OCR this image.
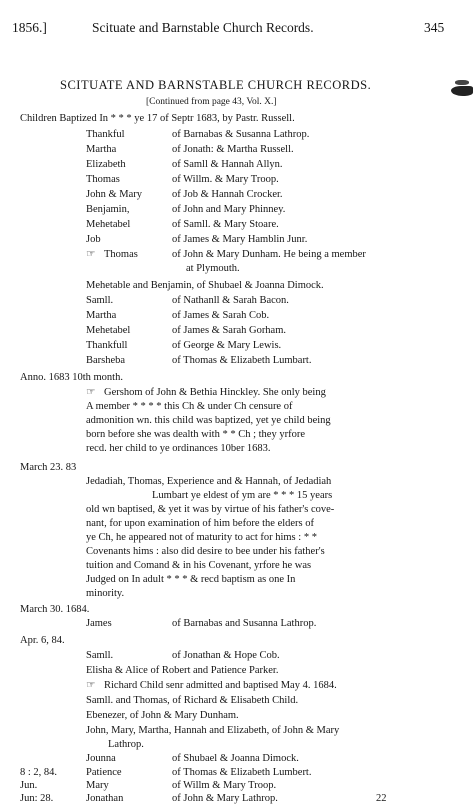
1856.]	Scituate and Barnstable Church Records.	345
SCITUATE AND BARNSTABLE CHURCH RECORDS.
[Continued from page 43, Vol. X.]
Children Baptized In * * * ye 17 of Septr 1683, by Pastr. Russell.
Thankful	of Barnabas & Susanna Lathrop.
Martha	of Jonath: & Martha Russell.
Elizabeth	of Samll & Hannah Allyn.
Thomas	of Willm. & Mary Troop.
John & Mary	of Job & Hannah Crocker.
Benjamin,	of John and Mary Phinney.
Mehetabel	of Samll. & Mary Stoare.
Job	of James & Mary Hamblin Junr.
☞ Thomas	of John & Mary Dunham. He being a member
at Plymouth.
Mehetable and Benjamin, of Shubael & Joanna Dimock.
Samll.	of Nathanll & Sarah Bacon.
Martha	of James & Sarah Cob.
Mehetabel	of James & Sarah Gorham.
Thankfull	of George & Mary Lewis.
Barsheba	of Thomas & Elizabeth Lumbart.
Anno. 1683 10th month.
☞ Gershom of John & Bethia Hinckley. She only being
A member * * * * this Ch & under Ch censure of
admonition wn. this child was baptized, yet ye child being
born before she was dealth with * * Ch ; they yrfore
recd. her child to ye ordinances 10ber 1683.
March 23. 83
Jedadiah, Thomas, Experience and & Hannah, of Jedadiah
Lumbart ye eldest of ym are * * * 15 years
old wn baptised, & yet it was by virtue of his father's cove-
nant, for upon examination of him before the elders of
ye Ch, he appeared not of maturity to act for hims : * *
Covenants hims : also did desire to bee under his father's
tuition and Comand & in his Covenant, yrfore he was
Judged on In adult * * * & recd baptism as one In
minority.
March 30. 1684.
James	of Barnabas and Susanna Lathrop.
Apr. 6, 84.
Samll.	of Jonathan & Hope Cob.
Elisha & Alice of Robert and Patience Parker.
☞ Richard Child senr admitted and baptised May 4. 1684.
Samll. and Thomas, of Richard & Elisabeth Child.
Ebenezer, of John & Mary Dunham.
John, Mary, Martha, Hannah and Elizabeth, of John & Mary
Lathrop.
Jounna	of Shubael & Joanna Dimock.
8 : 2, 84.	Patience	of Thomas & Elizabeth Lumbert.
Jun.	Mary	of Willm & Mary Troop.
Jun: 28.	Jonathan	of John & Mary Lathrop.	22
